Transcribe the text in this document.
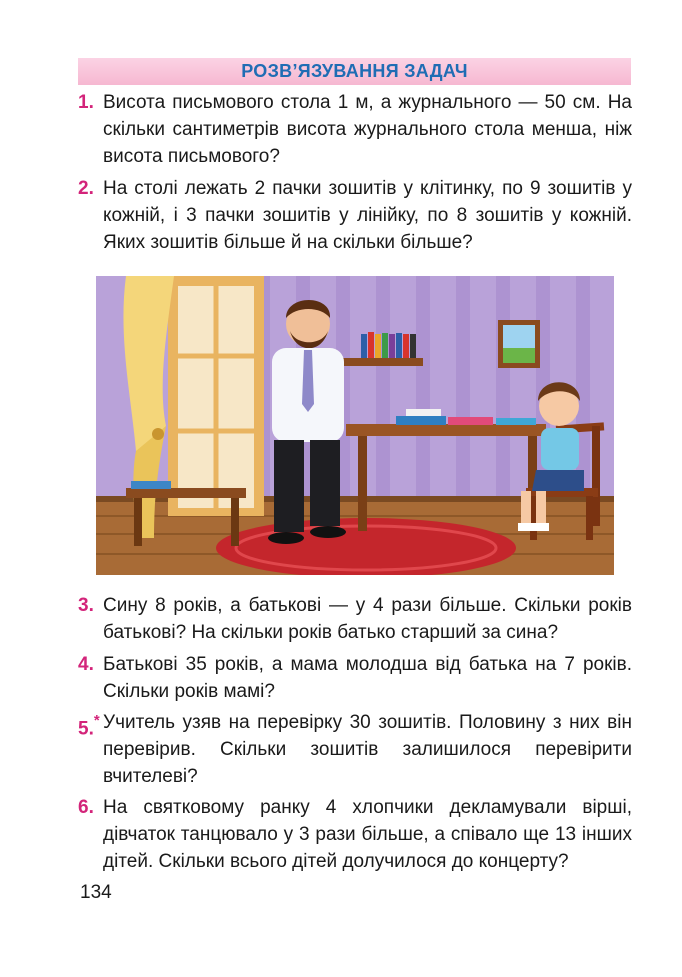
РОЗВ’ЯЗУВАННЯ ЗАДАЧ
1. Висота письмового стола 1 м, а журнального — 50 см. На скільки сантиметрів висота журнального стола менша, ніж висота письмового?
2. На столі лежать 2 пачки зошитів у клітинку, по 9 зошитів у кожній, і 3 пачки зошитів у лінійку, по 8 зошитів у кожній. Яких зошитів більше й на скільки більше?
3. Сину 8 років, а батькові — у 4 рази більше. Скільки років батькові? На скільки років батько старший за сина?
4. Батькові 35 років, а мама молодша від батька на 7 років. Скільки років мамі?
5.* Учитель узяв на перевірку 30 зошитів. Половину з них він перевірив. Скільки зошитів залишилося перевірити вчителеві?
6. На святковому ранку 4 хлопчики декламували вірші, дівчаток танцювало у 3 рази більше, а співало ще 13 інших дітей. Скільки всього дітей долучилося до концерту?
134
